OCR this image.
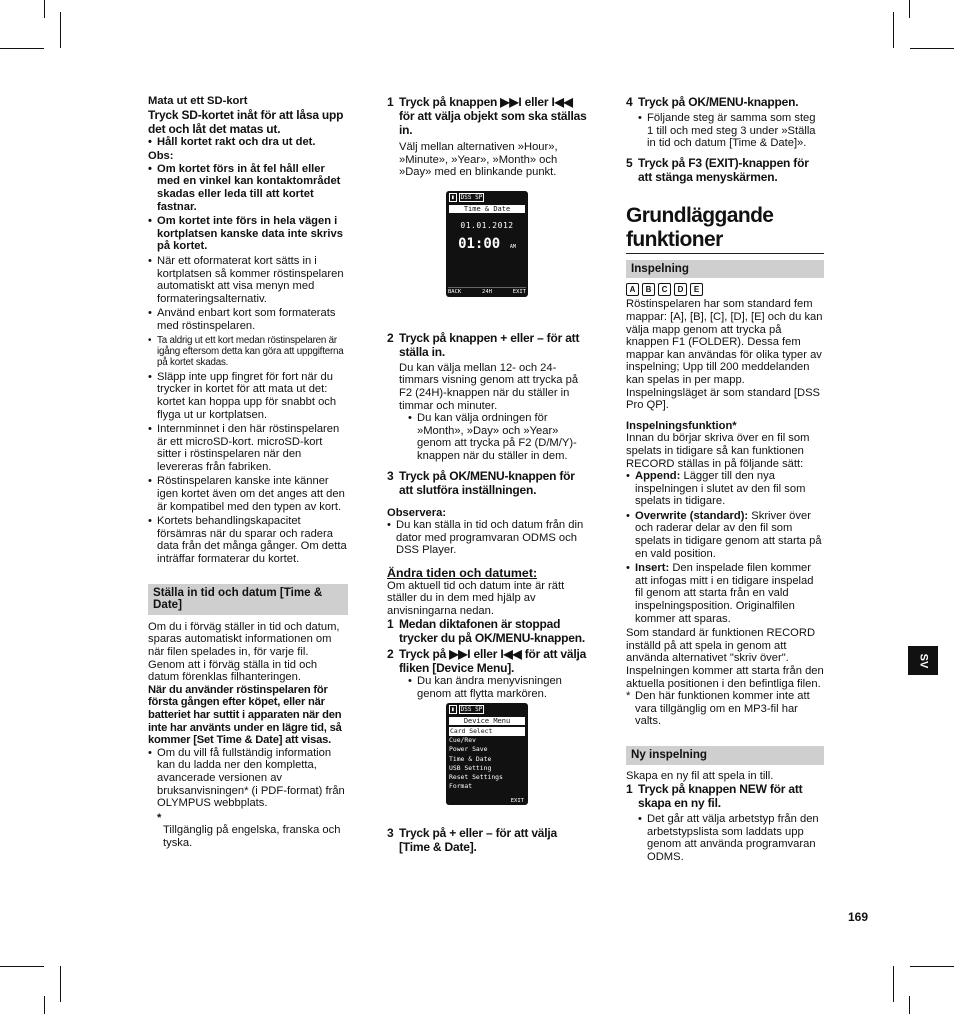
Mata ut ett SD-kort

Tryck SD-kortet inåt för att låsa upp det och låt det matas ut.

• Håll kortet rakt och dra ut det.

Obs:

• Om kortet förs in åt fel håll eller med en vinkel kan kontaktområdet skadas eller leda till att kortet fastnar.
• Om kortet inte förs in hela vägen i kortplatsen kanske data inte skrivs på kortet.
• När ett oformaterat kort sätts in i kortplatsen så kommer röstinspelaren automatiskt att visa menyn med formateringsalternativ.
• Använd enbart kort som formaterats med röstinspelaren.
• Ta aldrig ut ett kort medan röstinspelaren är igång eftersom detta kan göra att uppgifterna på kortet skadas.
• Släpp inte upp fingret för fort när du trycker in kortet för att mata ut det: kortet kan hoppa upp för snabbt och flyga ut ur kortplatsen.
• Internminnet i den här röstinspelaren är ett microSD-kort. microSD-kort sitter i röstinspelaren när den levereras från fabriken.
• Röstinspelaren kanske inte känner igen kortet även om det anges att den är kompatibel med den typen av kort.
• Kortets behandlingskapacitet försämras när du sparar och radera data från det många gånger. Om detta inträffar formaterar du kortet.

Ställa in tid och datum [Time & Date]

Om du i förväg ställer in tid och datum, sparas automatiskt informationen om när filen spelades in, för varje fil. Genom att i förväg ställa in tid och datum förenklas filhanteringen.

När du använder röstinspelaren för första gången efter köpet, eller när batteriet har suttit i apparaten när den inte har använts under en lägre tid, så kommer [Set Time & Date] att visas.

• Om du vill få fullständig information kan du ladda ner den kompletta, avancerade versionen av bruksanvisningen* (i PDF-format) från OLYMPUS webbplats.

* Tillgänglig på engelska, franska och tyska.

1 Tryck på knappen ▶▶I eller I◀◀ för att välja objekt som ska ställas in.

Välj mellan alternativen »Hour», »Minute», »Year», »Month» och »Day» med en blinkande punkt.

2 Tryck på knappen + eller – för att ställa in.

Du kan välja mellan 12- och 24-timmars visning genom att trycka på F2 (24H)-knappen när du ställer in timmar och minuter.

• Du kan välja ordningen för »Month», »Day» och »Year» genom att trycka på F2 (D/M/Y)-knappen när du ställer in dem.

3 Tryck på OK/MENU-knappen för att slutföra inställningen.

Observera:

• Du kan ställa in tid och datum från din dator med programvaran ODMS och DSS Player.

Ändra tiden och datumet:

Om aktuell tid och datum inte är rätt ställer du in dem med hjälp av anvisningarna nedan.

1 Medan diktafonen är stoppad trycker du på OK/MENU-knappen.

2 Tryck på ▶▶I eller I◀◀ för att välja fliken [Device Menu].

• Du kan ändra menyvisningen genom att flytta markören.

3 Tryck på + eller – för att välja [Time & Date].

▮	DSS SP
Time & Date
01.01.2012
01:00 AM
BACK	24H	EXIT
▮	DSS SP
Device Menu
Card Select
Cue/Rev
Power Save
Time & Date
USB Setting
Reset Settings
Format
EXIT

4 Tryck på OK/MENU-knappen.

• Följande steg är samma som steg 1 till och med steg 3 under »Ställa in tid och datum [Time & Date]».

5 Tryck på F3 (EXIT)-knappen för att stänga menyskärmen.

Grundläggande funktioner

Inspelning

A	B	C	D	E

Röstinspelaren har som standard fem mappar: [A], [B], [C], [D], [E] och du kan välja mapp genom att trycka på knappen F1 (FOLDER). Dessa fem mappar kan användas för olika typer av inspelning; Upp till 200 meddelanden kan spelas in per mapp.

Inspelningsläget är som standard [DSS Pro QP].

Inspelningsfunktion*

Innan du börjar skriva över en fil som spelats in tidigare så kan funktionen RECORD ställas in på följande sätt:

• Append: Lägger till den nya inspelningen i slutet av den fil som spelats in tidigare.
• Overwrite (standard): Skriver över och raderar delar av den fil som spelats in tidigare genom att starta på en vald position.
• Insert: Den inspelade filen kommer att infogas mitt i en tidigare inspelad fil genom att starta från en vald inspelningsposition. Originalfilen kommer att sparas.

Som standard är funktionen RECORD inställd på att spela in genom att använda alternativet "skriv över". Inspelningen kommer att starta från den aktuella positionen i den befintliga filen.

* Den här funktionen kommer inte att vara tillgänglig om en MP3-fil har valts.

Ny inspelning

Skapa en ny fil att spela in till.

1 Tryck på knappen NEW för att skapa en ny fil.

• Det går att välja arbetstyp från den arbetstypslista som laddats upp genom att använda programvaran ODMS.
SV
169
